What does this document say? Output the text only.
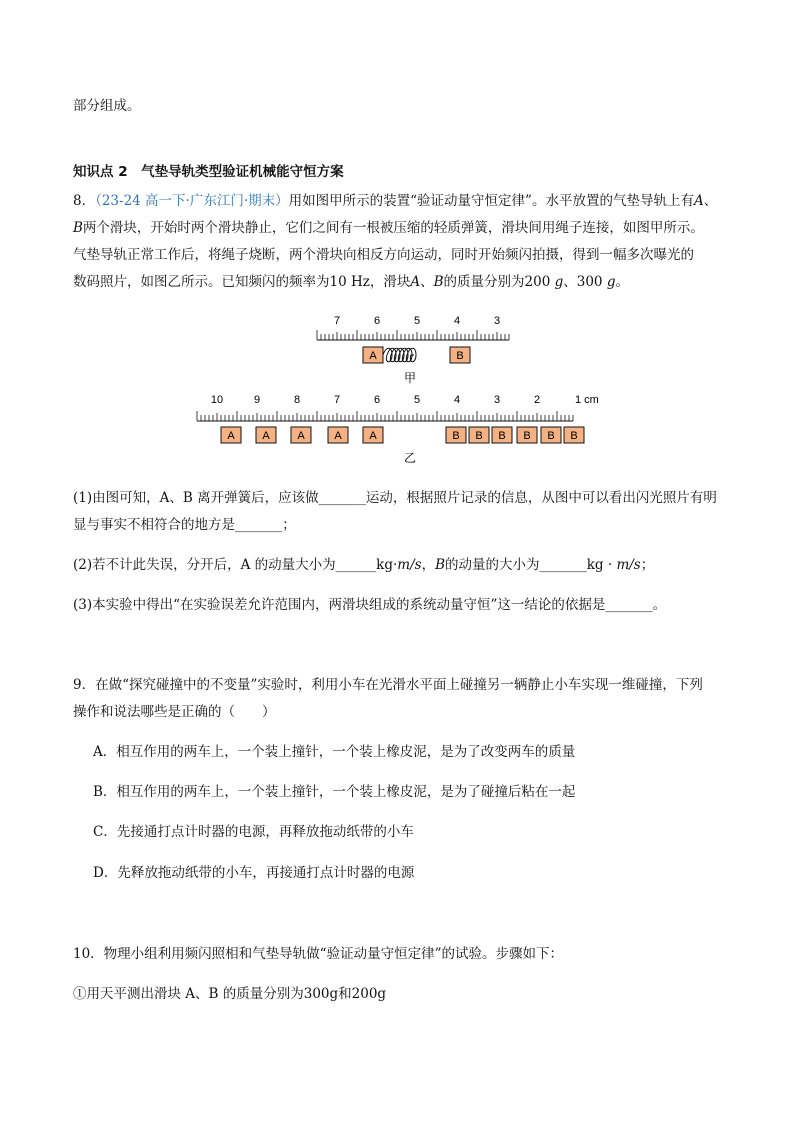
部分组成。
知识点 2　气垫导轨类型验证机械能守恒方案
8．（23-24 高一下·广东江门·期末）用如图甲所示的装置“验证动量守恒定律”。水平放置的气垫导轨上有A、
B两个滑块，开始时两个滑块静止，它们之间有一根被压缩的轻质弹簧，滑块间用绳子连接，如图甲所示。
气垫导轨正常工作后，将绳子烧断，两个滑块向相反方向运动，同时开始频闪拍摄，得到一幅多次曝光的
数码照片，如图乙所示。已知频闪的频率为10 Hz，滑块A、B的质量分别为200 g、300 g。
7	6	5	4	3
A	B
甲
10	9	8	7	6	5	4	3	2	1 cm
A	A	A	A	A	B B B B B B
乙
(1)由图可知，A、B 离开弹簧后，应该做_______运动，根据照片记录的信息，从图中可以看出闪光照片有明
显与事实不相符合的地方是_______；
(2)若不计此失误，分开后，A 的动量大小为______kg·m/s，B的动量的大小为_______kg · m/s；
(3)本实验中得出“在实验误差允许范围内，两滑块组成的系统动量守恒”这一结论的依据是_______。
9．在做“探究碰撞中的不变量”实验时，利用小车在光滑水平面上碰撞另一辆静止小车实现一维碰撞，下列
操作和说法哪些是正确的（　　）
A．相互作用的两车上，一个装上撞针，一个装上橡皮泥，是为了改变两车的质量
B．相互作用的两车上，一个装上撞针，一个装上橡皮泥，是为了碰撞后粘在一起
C．先接通打点计时器的电源，再释放拖动纸带的小车
D．先释放拖动纸带的小车，再接通打点计时器的电源
10．物理小组利用频闪照相和气垫导轨做“验证动量守恒定律”的试验。步骤如下：
①用天平测出滑块 A、B 的质量分别为300g和200g
